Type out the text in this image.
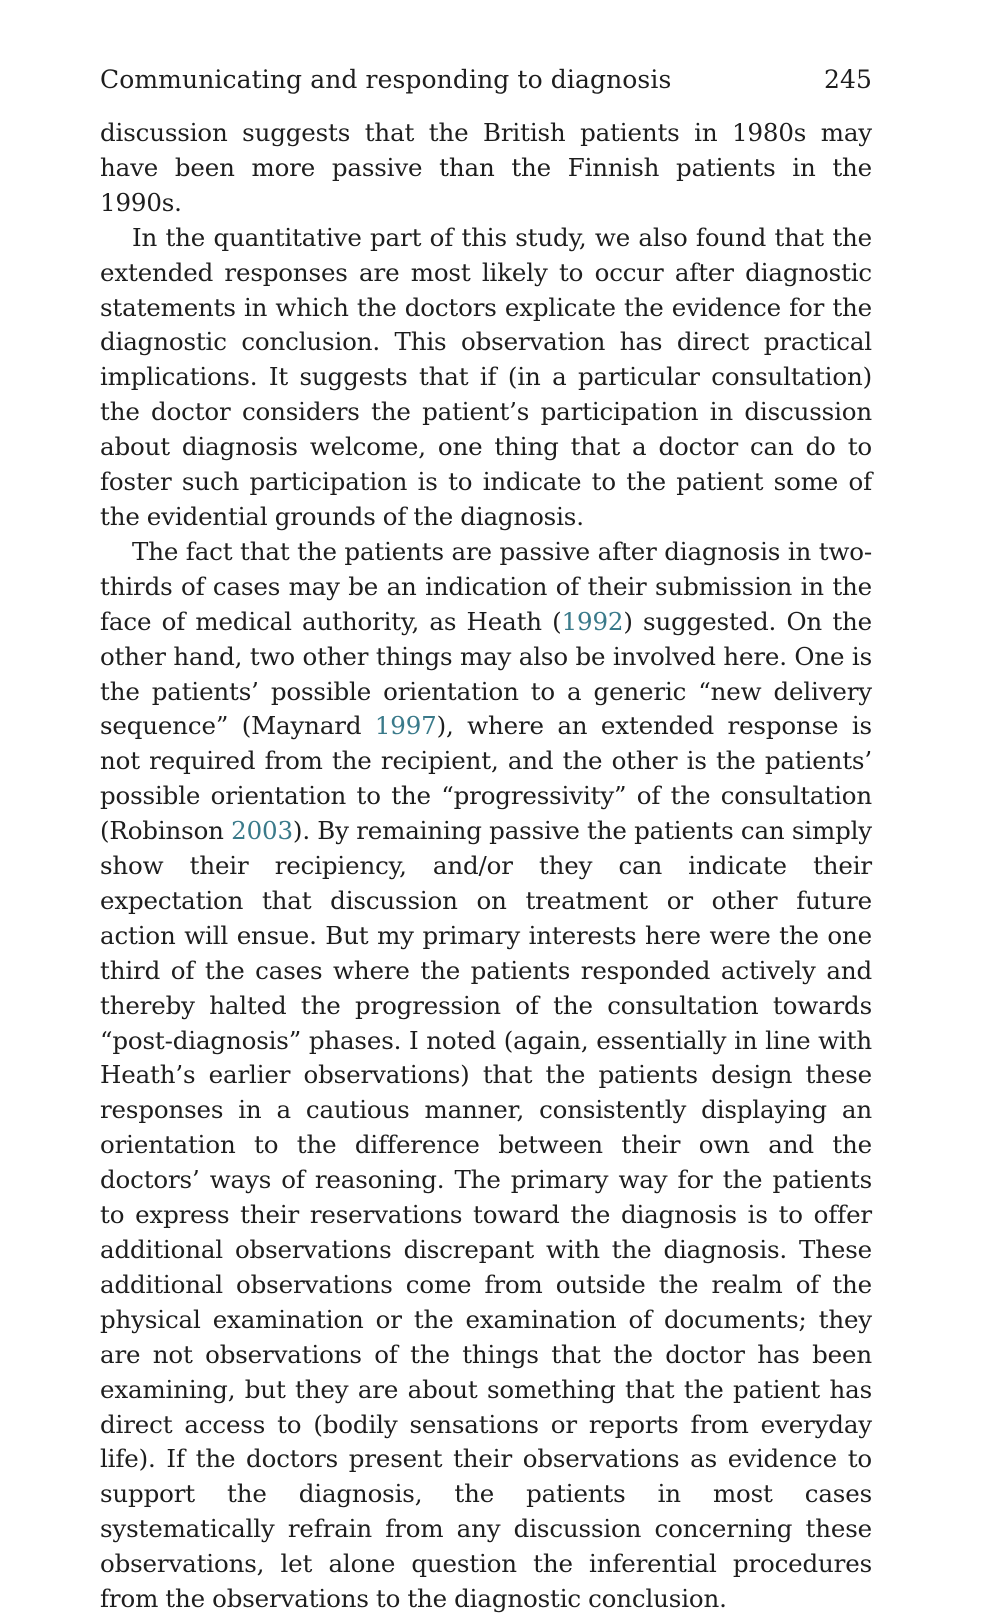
Communicating and responding to diagnosis	245

discussion suggests that the British patients in 1980s may have been more passive than the Finnish patients in the 1990s.

In the quantitative part of this study, we also found that the extended responses are most likely to occur after diagnostic statements in which the doctors explicate the evidence for the diagnostic conclusion. This observation has direct practical implications. It suggests that if (in a particular consultation) the doctor considers the patient’s participation in discussion about diagnosis welcome, one thing that a doctor can do to foster such participation is to indicate to the patient some of the evidential grounds of the diagnosis.

The fact that the patients are passive after diagnosis in two-thirds of cases may be an indication of their submission in the face of medical authority, as Heath (1992) suggested. On the other hand, two other things may also be involved here. One is the patients’ possible orientation to a generic “new delivery sequence” (Maynard 1997), where an extended response is not required from the recipient, and the other is the patients’ possible orientation to the “progressivity” of the consultation (Robinson 2003). By remaining passive the patients can simply show their recipiency, and/or they can indicate their expectation that discussion on treatment or other future action will ensue. But my primary interests here were the one third of the cases where the patients responded actively and thereby halted the progression of the consultation towards “post-diagnosis” phases. I noted (again, essentially in line with Heath’s earlier observations) that the patients design these responses in a cautious manner, consistently displaying an orientation to the difference between their own and the doctors’ ways of reasoning. The primary way for the patients to express their reservations toward the diagnosis is to offer additional observations discrepant with the diagnosis. These additional observations come from outside the realm of the physical examination or the examination of documents; they are not observations of the things that the doctor has been examining, but they are about something that the patient has direct access to (bodily sensations or reports from everyday life). If the doctors present their observations as evidence to support the diagnosis, the patients in most cases systematically refrain from any discussion concerning these observations, let alone question the inferential procedures from the observations to the diagnostic conclusion.
